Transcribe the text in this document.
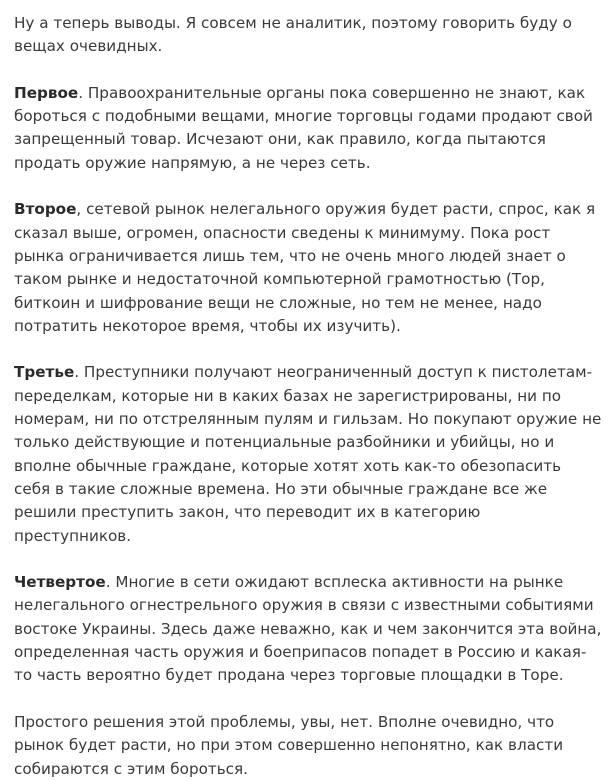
Ну а теперь выводы. Я совсем не аналитик, поэтому говорить буду о вещах очевидных.

Первое. Правоохранительные органы пока совершенно не знают, как бороться с подобными вещами, многие торговцы годами продают свой запрещенный товар. Исчезают они, как правило, когда пытаются продать оружие напрямую, а не через сеть.

Второе, сетевой рынок нелегального оружия будет расти, спрос, как я сказал выше, огромен, опасности сведены к минимуму. Пока рост рынка ограничивается лишь тем, что не очень много людей знает о таком рынке и недостаточной компьютерной грамотностью (Тор, биткоин и шифрование вещи не сложные, но тем не менее, надо потратить некоторое время, чтобы их изучить).

Третье. Преступники получают неограниченный доступ к пистолетам-переделкам, которые ни в каких базах не зарегистрированы, ни по номерам, ни по отстрелянным пулям и гильзам. Но покупают оружие не только действующие и потенциальные разбойники и убийцы, но и вполне обычные граждане, которые хотят хоть как-то обезопасить себя в такие сложные времена. Но эти обычные граждане все же решили преступить закон, что переводит их в категорию преступников.

Четвертое. Многие в сети ожидают всплеска активности на рынке нелегального огнестрельного оружия в связи с известными событиями востоке Украины. Здесь даже неважно, как и чем закончится эта война, определенная часть оружия и боеприпасов попадет в Россию и какая-то часть вероятно будет продана через торговые площадки в Торе.

Простого решения этой проблемы, увы, нет. Вполне очевидно, что рынок будет расти, но при этом совершенно непонятно, как власти собираются с этим бороться.
